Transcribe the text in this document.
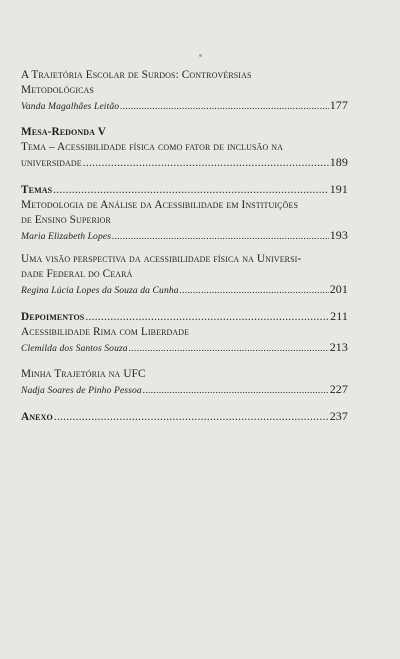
A Trajetória Escolar de Surdos: Controvérsias
Metodológicas
Vanda Magalhães Leitão .....	177
Mesa-Redonda V
Tema – Acessibilidade física como fator de inclusão na
universidade .....	189
Temas .....	191
Metodologia de Análise da Acessibilidade em Instituições
de Ensino Superior
Maria Elizabeth Lopes .....	193
Uma visão perspectiva da acessibilidade física na Universi-
dade Federal do Ceará
Regina Lúcia Lopes da Souza da Cunha .....	201
Depoimentos .....	211
Acessibilidade Rima com Liberdade
Clemilda dos Santos Souza .....	213
Minha Trajetória na UFC
Nadja Soares de Pinho Pessoa .....	227
Anexo .....	237
